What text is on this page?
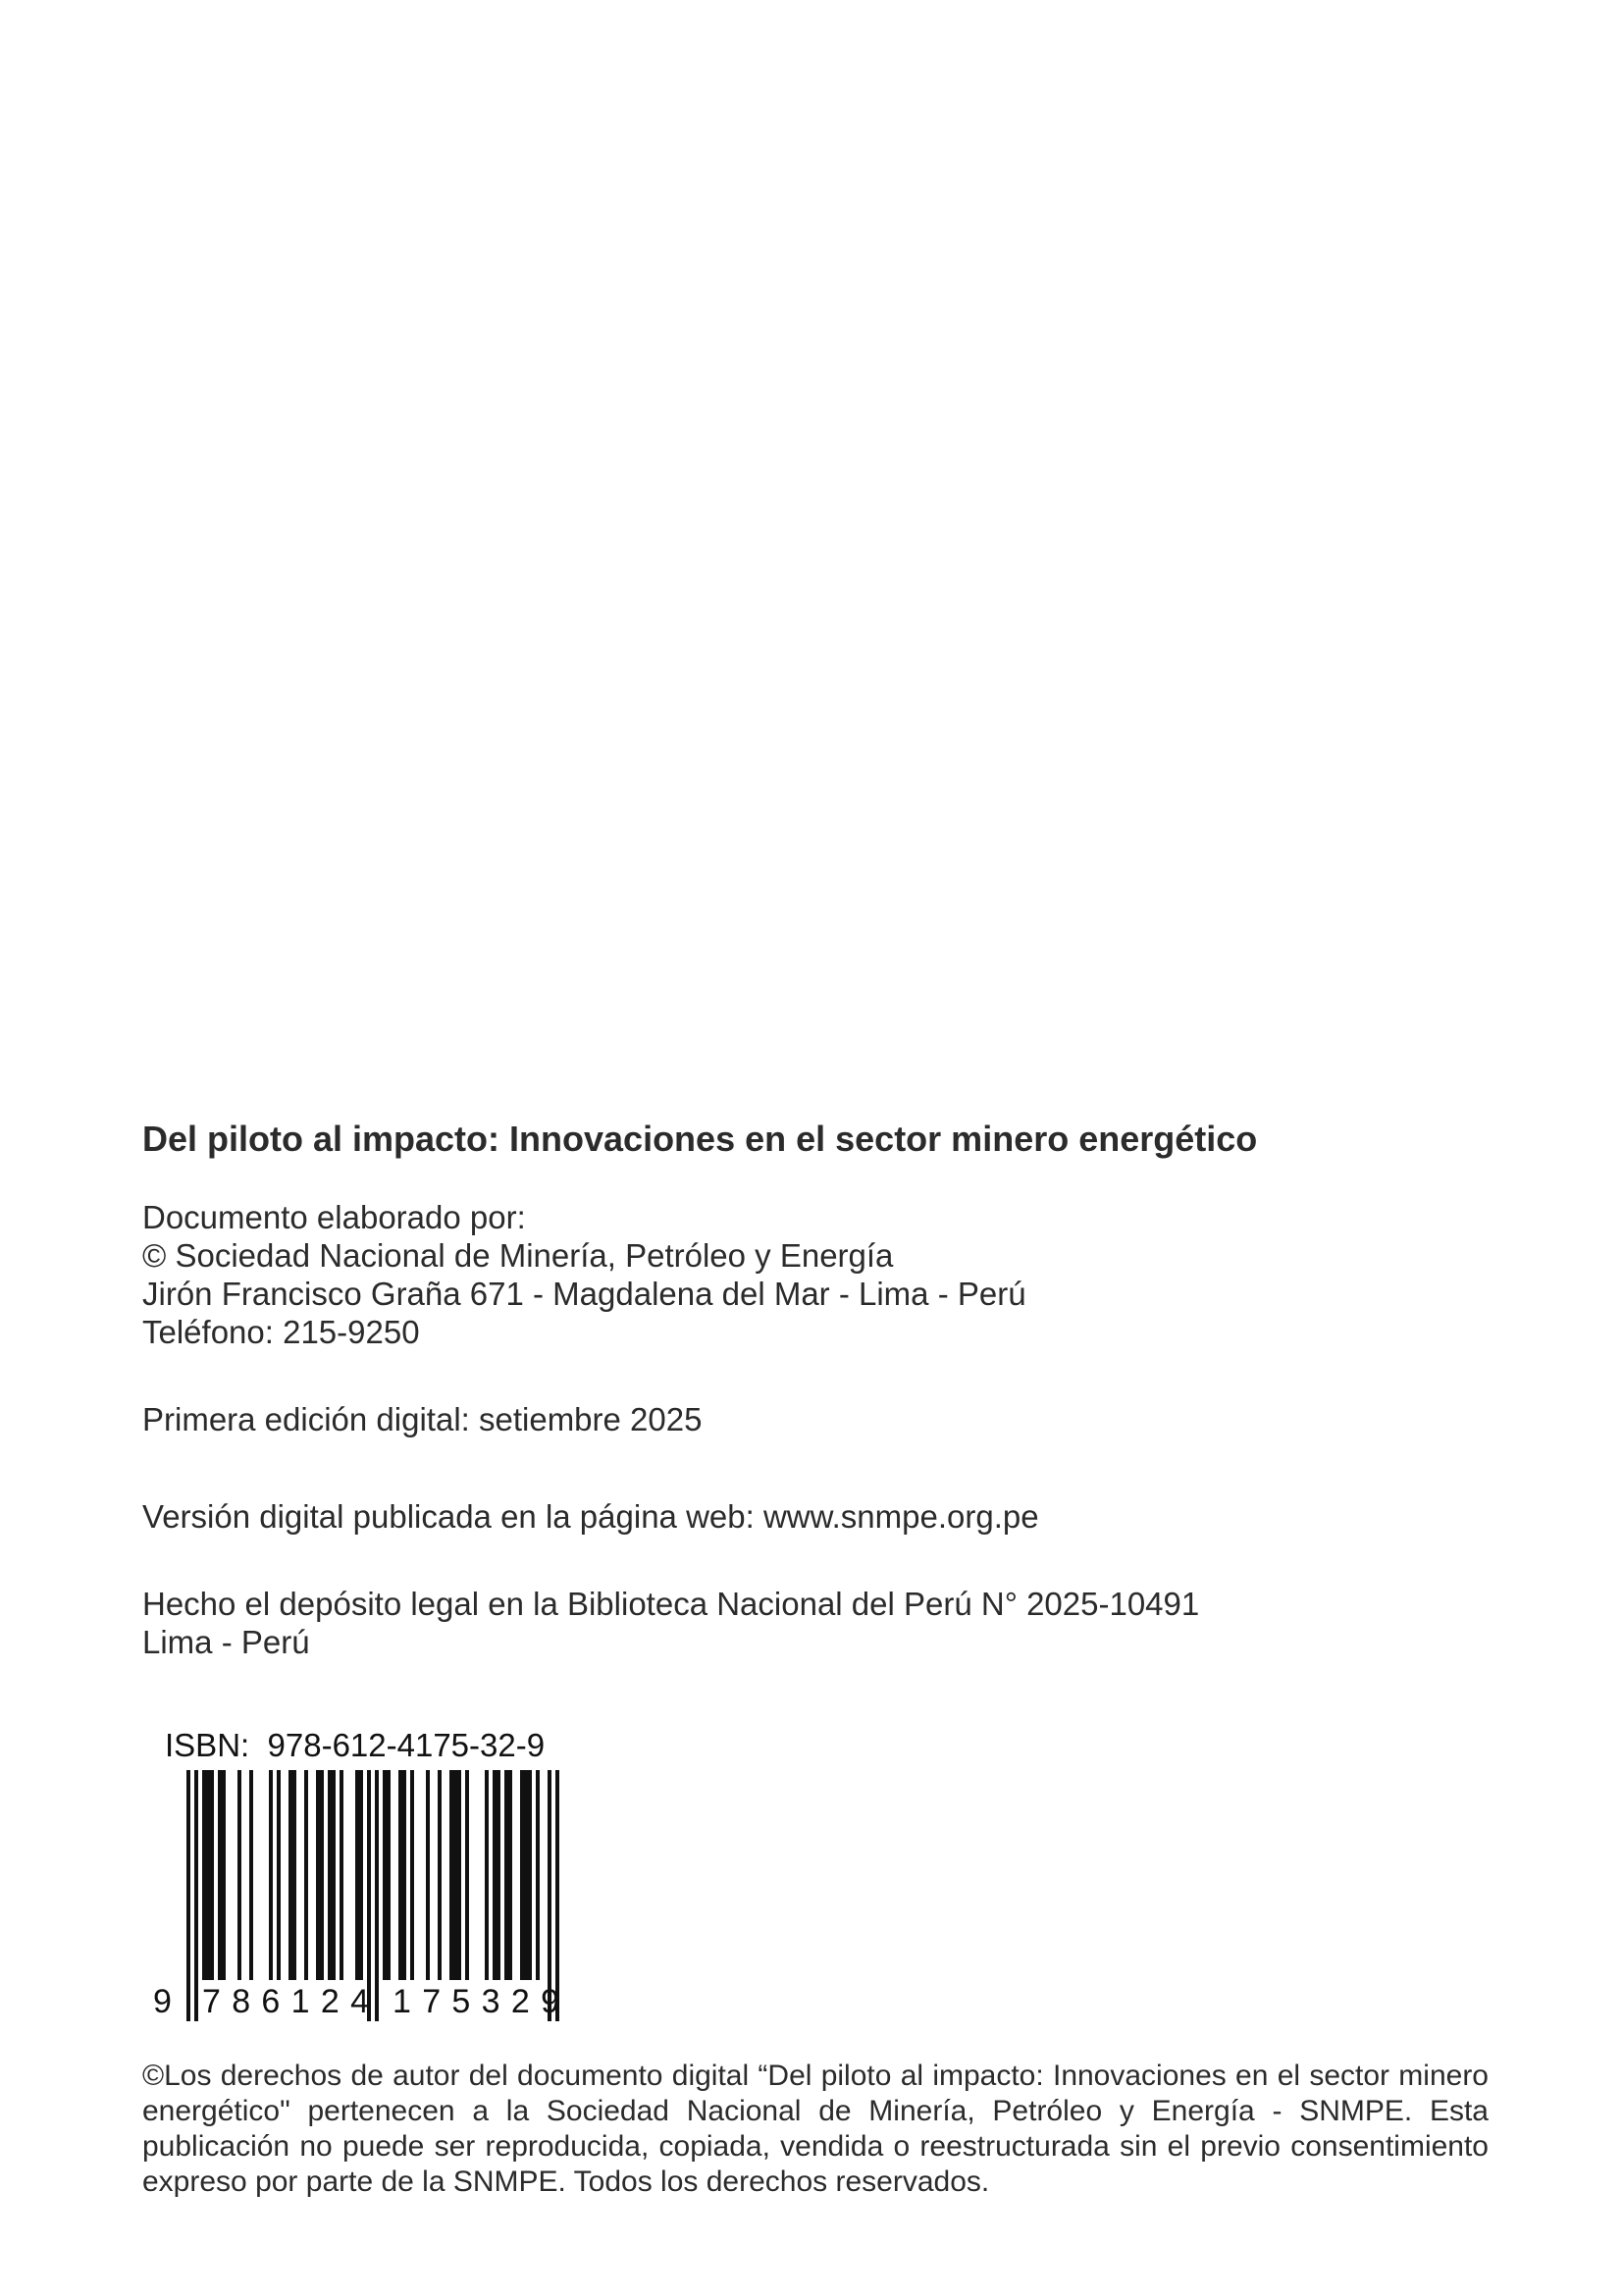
Del piloto al impacto: Innovaciones en el sector minero energético

Documento elaborado por:

© Sociedad Nacional de Minería, Petróleo y Energía

Jirón Francisco Graña 671 - Magdalena del Mar - Lima - Perú

Teléfono: 215-9250

Primera edición digital: setiembre 2025

Versión digital publicada en la página web: www.snmpe.org.pe

Hecho el depósito legal en la Biblioteca Nacional del Perú N° 2025-10491

Lima - Perú

ISBN:  978-612-4175-32-9
9 786124 175329

©Los derechos de autor del documento digital “Del piloto al impacto: Innovaciones en el sector minero energético" pertenecen a la Sociedad Nacional de Minería, Petróleo y Energía - SNMPE. Esta publicación no puede ser reproducida, copiada, vendida o reestructurada sin el previo consentimiento expreso por parte de la SNMPE. Todos los derechos reservados.
